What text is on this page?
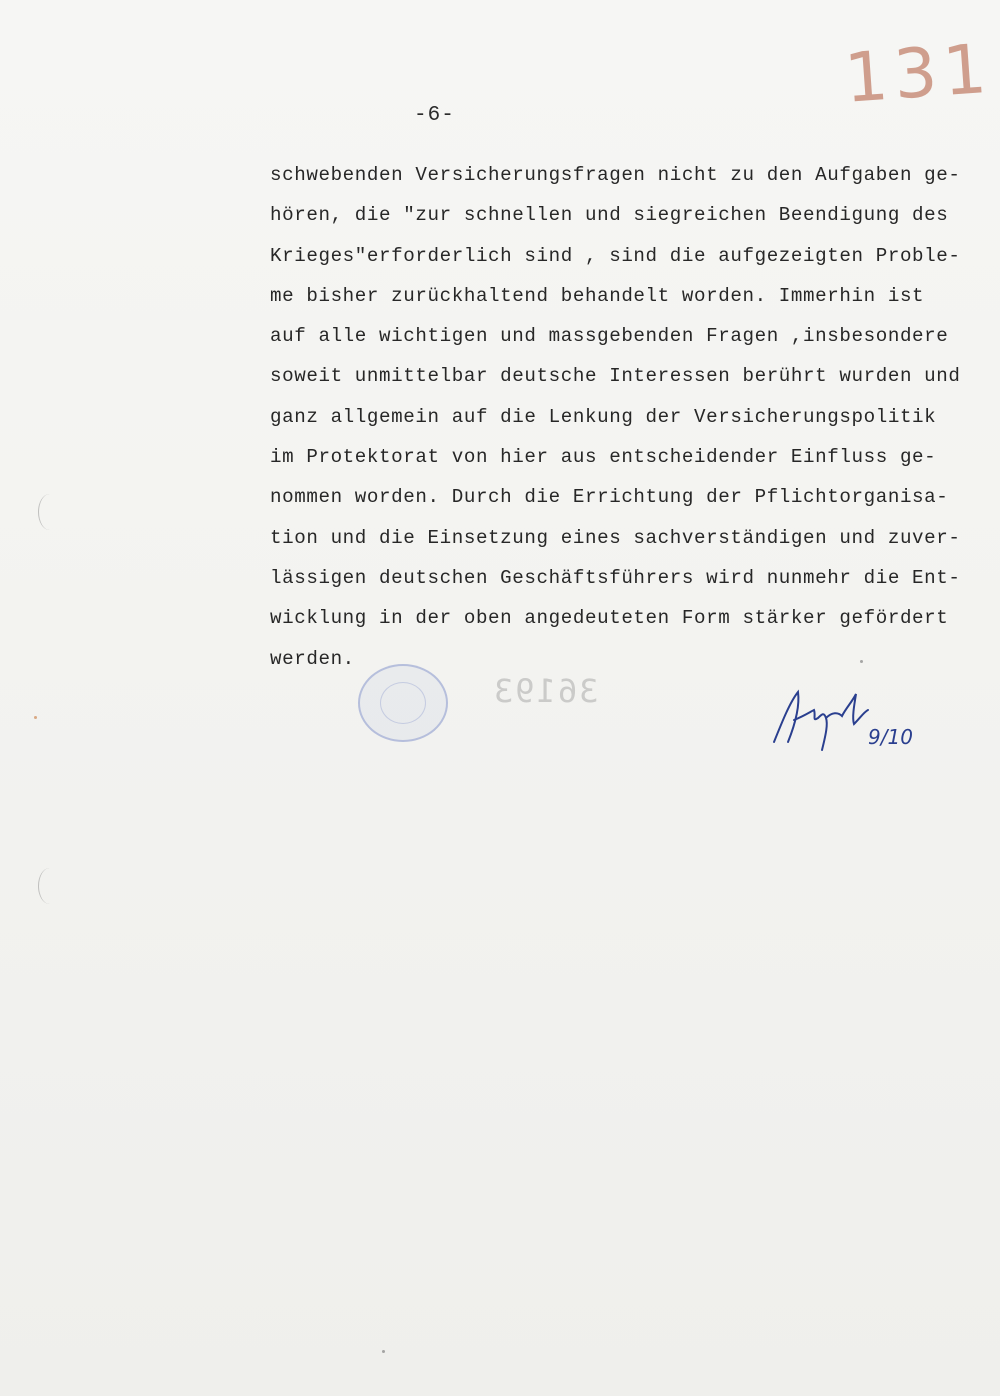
131
-6-
schwebenden Versicherungsfragen nicht zu den Aufgaben ge-
hören, die "zur schnellen und siegreichen Beendigung des
Krieges"erforderlich sind , sind die aufgezeigten Proble-
me bisher zurückhaltend behandelt worden. Immerhin ist
auf alle wichtigen und massgebenden Fragen ,insbesondere
soweit unmittelbar deutsche Interessen berührt wurden und
ganz allgemein auf die Lenkung der Versicherungspolitik
im Protektorat von hier aus entscheidender Einfluss ge-
nommen worden. Durch die Errichtung der Pflichtorganisa-
tion und die Einsetzung eines sachverständigen und zuver-
lässigen deutschen Geschäftsführers wird nunmehr die Ent-
wicklung in der oben angedeuteten Form stärker gefördert
werden.
36193
9/10
